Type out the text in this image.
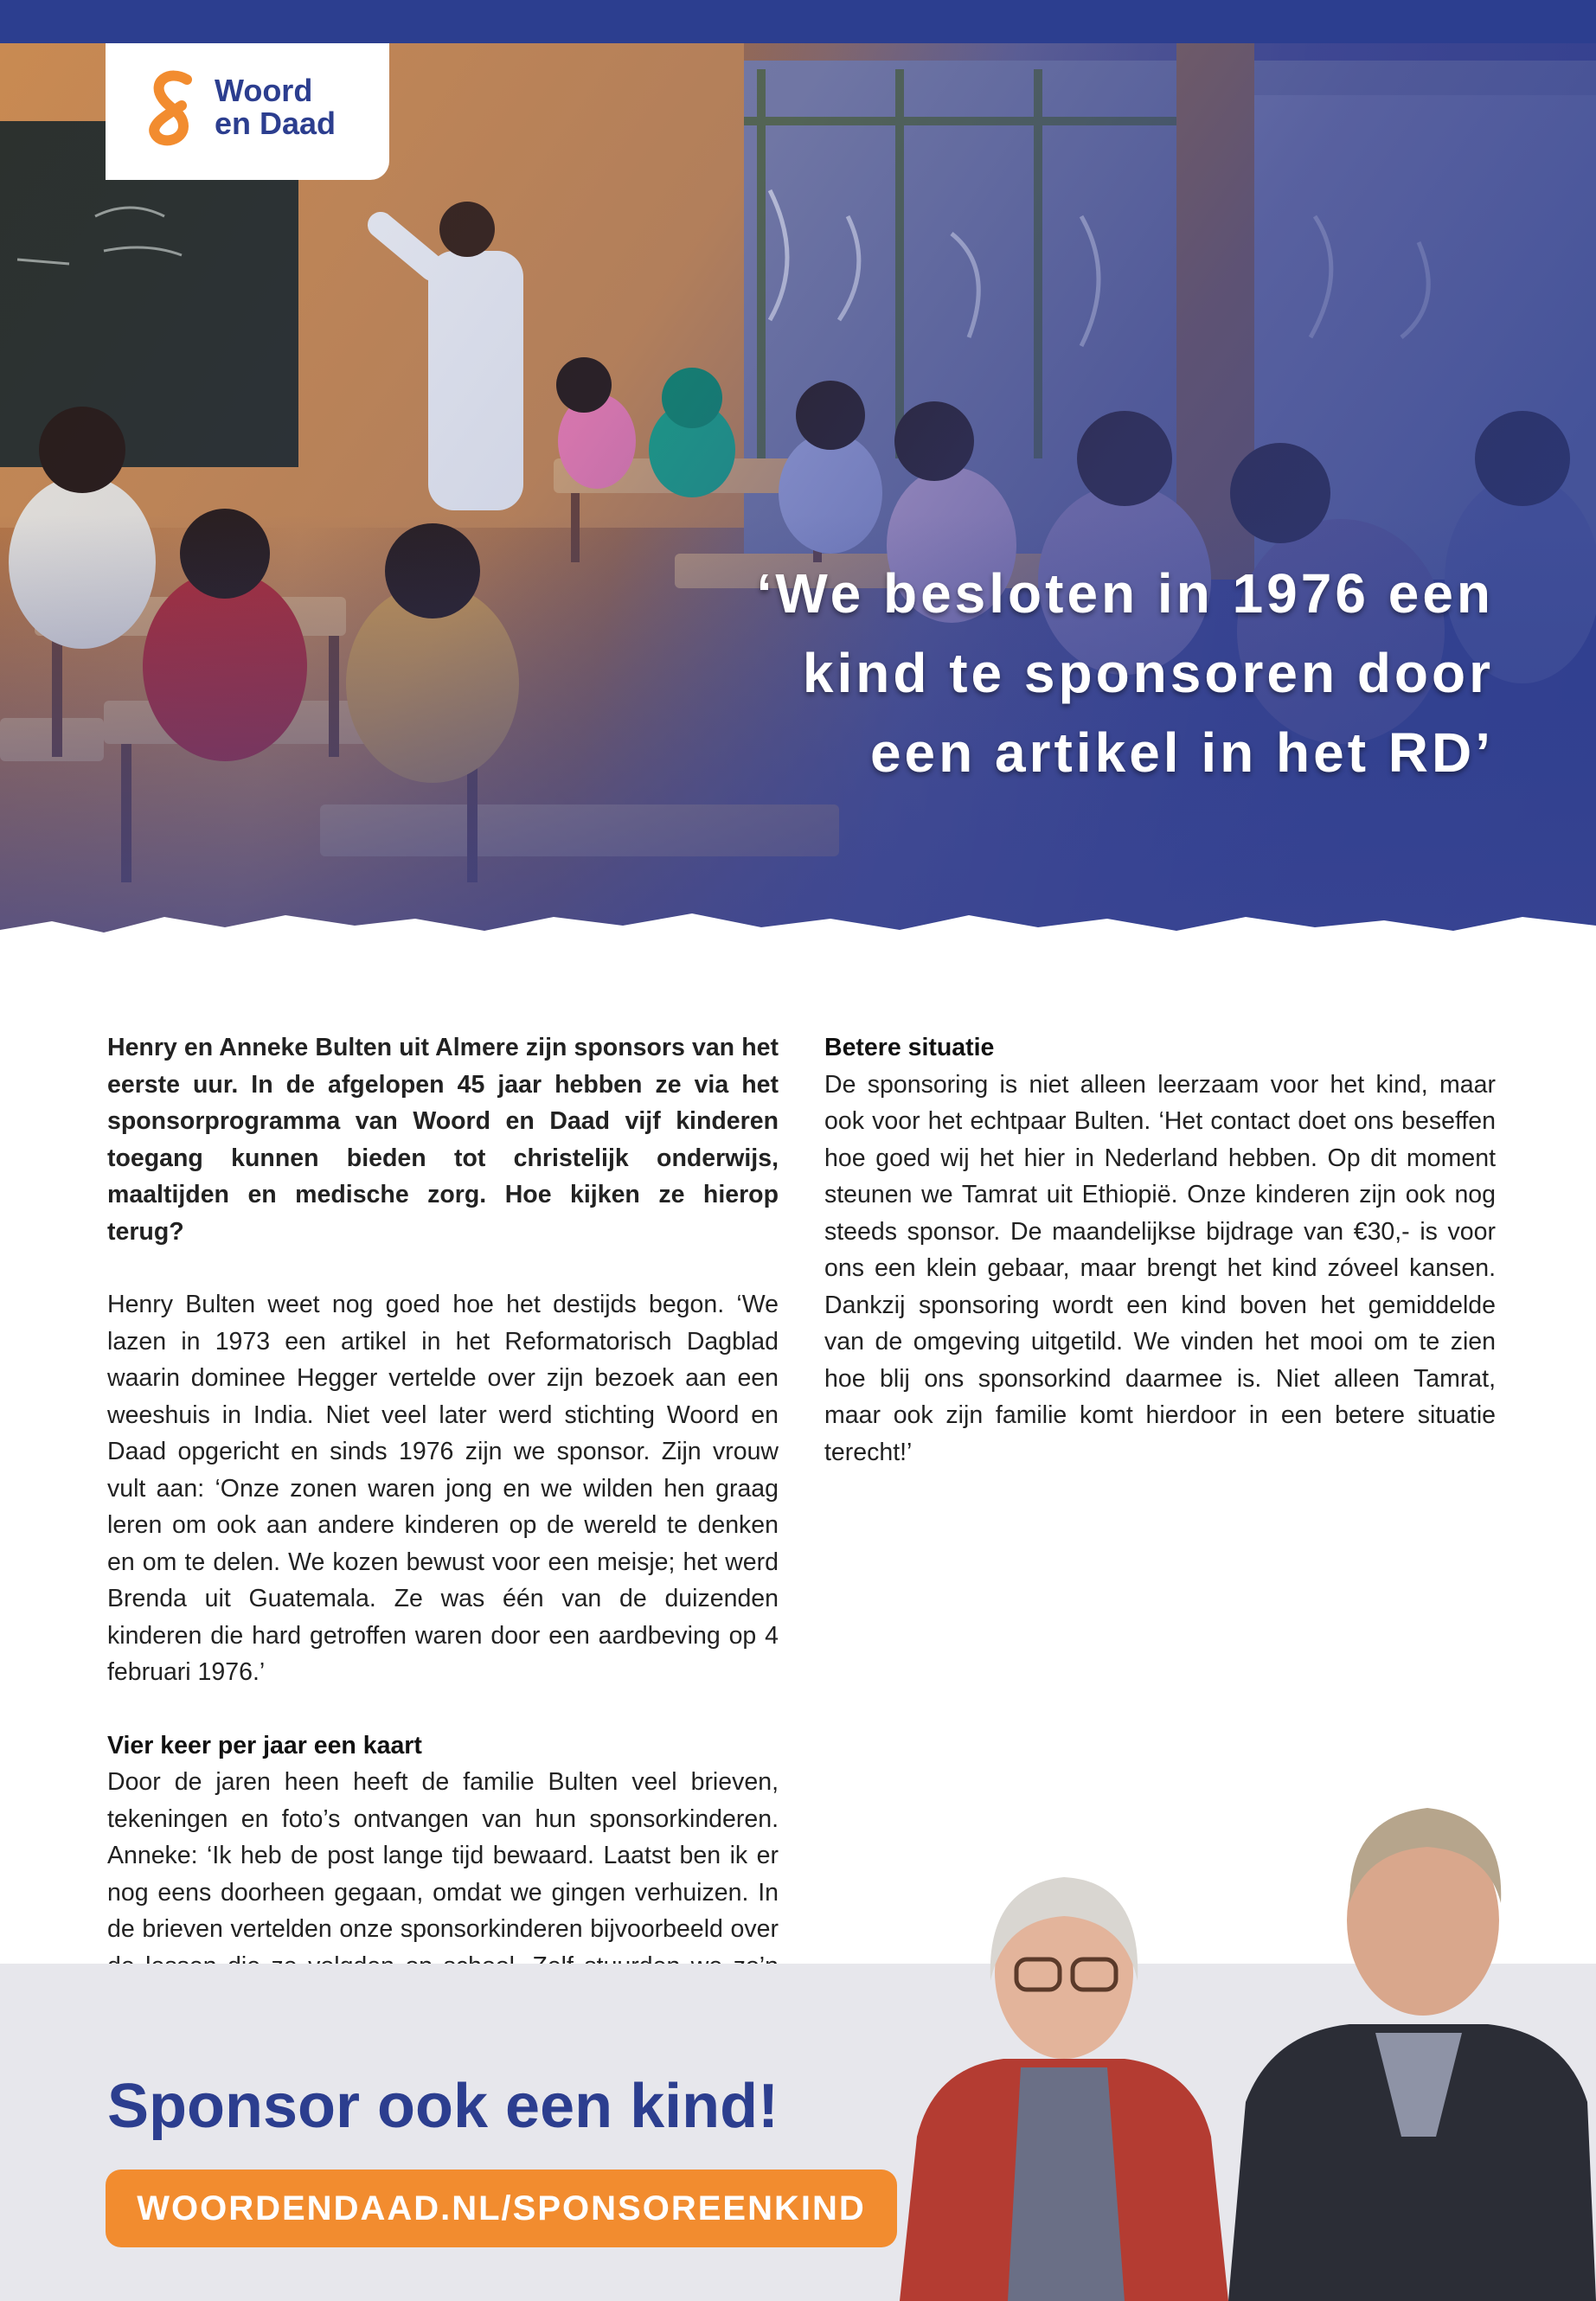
‘We besloten in 1976 een kind te sponsoren door een artikel in het RD’
Woord
en Daad

Henry en Anneke Bulten uit Almere zijn sponsors van het eerste uur. In de afgelopen 45 jaar hebben ze via het sponsorprogramma van Woord en Daad vijf kinderen toegang kunnen bieden tot christelijk onderwijs, maaltijden en medische zorg. Hoe kijken ze hierop terug?

Henry Bulten weet nog goed hoe het destijds begon. ‘We lazen in 1973 een artikel in het Reformatorisch Dagblad waarin dominee Hegger vertelde over zijn bezoek aan een weeshuis in India. Niet veel later werd stichting Woord en Daad opgericht en sinds 1976 zijn we sponsor. Zijn vrouw vult aan: ‘Onze zonen waren jong en we wilden hen graag leren om ook aan andere kinderen op de wereld te denken en om te delen. We kozen bewust voor een meisje; het werd Brenda uit Guatemala. Ze was één van de duizenden kinderen die hard getroffen waren door een aardbeving op 4 februari 1976.’

Vier keer per jaar een kaart

Door de jaren heen heeft de familie Bulten veel brieven, tekeningen en foto’s ontvangen van hun sponsorkinderen. Anneke: ‘Ik heb de post lange tijd bewaard. Laatst ben ik er nog eens doorheen gegaan, omdat we gingen verhuizen. In de brieven vertelden onze sponsorkinderen bijvoorbeeld over

Betere situatie

De sponsoring is niet alleen leerzaam voor het kind, maar ook voor het echtpaar Bulten. ‘Het contact doet ons beseffen hoe goed wij het hier in Nederland hebben. Op dit moment steunen we Tamrat uit Ethiopië. Onze kinderen zijn ook nog steeds sponsor. De maandelijkse bijdrage van €30,- is voor ons een klein gebaar, maar brengt het kind zóveel kansen. Dankzij sponsoring wordt een kind boven het gemiddelde van de omgeving uitgetild. We vinden het mooi om te zien hoe blij ons sponsorkind daarmee is. Niet alleen Tamrat, maar ook zijn familie komt hierdoor in een betere situatie terecht!’

Sponsor ook een kind!
WOORDENDAAD.NL/SPONSOREENKIND
